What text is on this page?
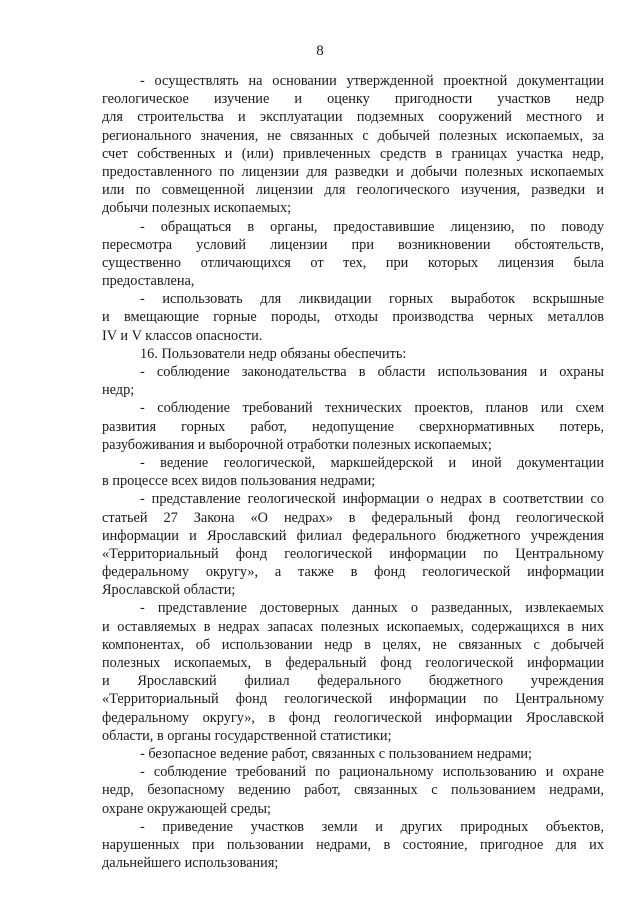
8
- осуществлять на основании утвержденной проектной документации
геологическое изучение и оценку пригодности участков недр
для строительства и эксплуатации подземных сооружений местного и
регионального значения, не связанных с добычей полезных ископаемых, за
счет собственных и (или) привлеченных средств в границах участка недр,
предоставленного по лицензии для разведки и добычи полезных ископаемых
или по совмещенной лицензии для геологического изучения, разведки и
добычи полезных ископаемых;
- обращаться в органы, предоставившие лицензию, по поводу
пересмотра условий лицензии при возникновении обстоятельств,
существенно отличающихся от тех, при которых лицензия была
предоставлена,
- использовать для ликвидации горных выработок вскрышные
и вмещающие горные породы, отходы производства черных металлов
IV и V классов опасности.
16. Пользователи недр обязаны обеспечить:
- соблюдение законодательства в области использования и охраны
недр;
- соблюдение требований технических проектов, планов или схем
развития горных работ, недопущение сверхнормативных потерь,
разубоживания и выборочной отработки полезных ископаемых;
- ведение геологической, маркшейдерской и иной документации
в процессе всех видов пользования недрами;
- представление геологической информации о недрах в соответствии со
статьей 27 Закона «О недрах» в федеральный фонд геологической
информации и Ярославский филиал федерального бюджетного учреждения
«Территориальный фонд геологической информации по Центральному
федеральному округу», а также в фонд геологической информации
Ярославской области;
- представление достоверных данных о разведанных, извлекаемых
и оставляемых в недрах запасах полезных ископаемых, содержащихся в них
компонентах, об использовании недр в целях, не связанных с добычей
полезных ископаемых, в федеральный фонд геологической информации
и Ярославский филиал федерального бюджетного учреждения
«Территориальный фонд геологической информации по Центральному
федеральному округу», в фонд геологической информации Ярославской
области, в органы государственной статистики;
- безопасное ведение работ, связанных с пользованием недрами;
- соблюдение требований по рациональному использованию и охране
недр, безопасному ведению работ, связанных с пользованием недрами,
охране окружающей среды;
- приведение участков земли и других природных объектов,
нарушенных при пользовании недрами, в состояние, пригодное для их
дальнейшего использования;
